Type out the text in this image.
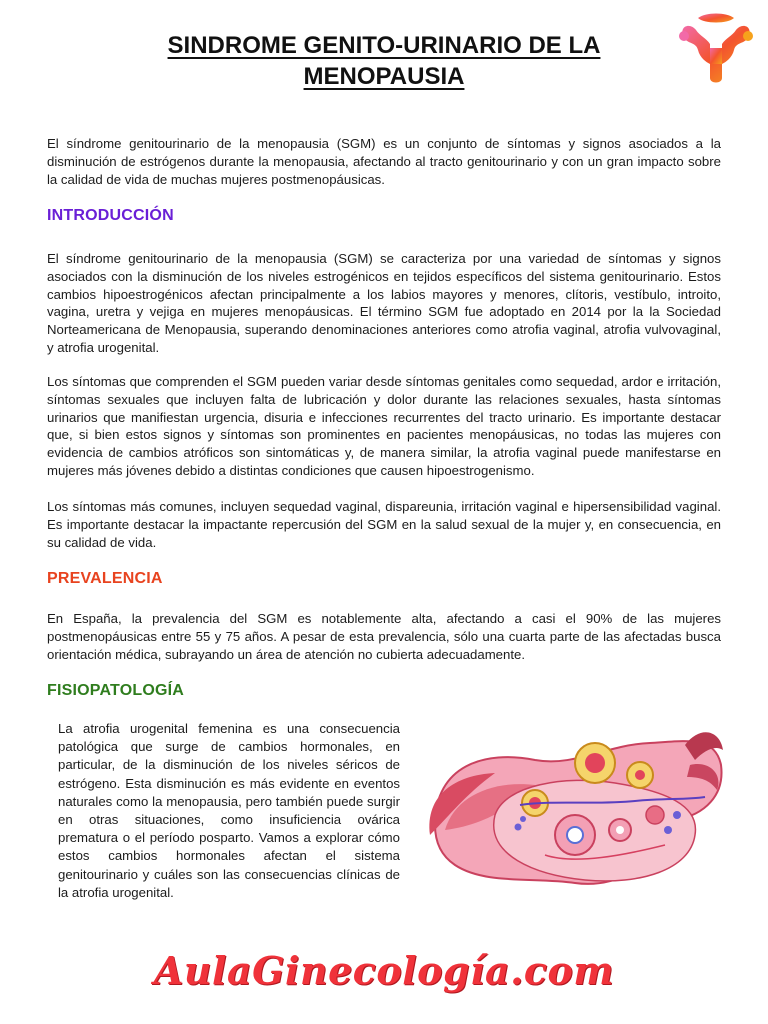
SINDROME GENITO-URINARIO DE LA MENOPAUSIA

El síndrome genitourinario de la menopausia (SGM) es un conjunto de síntomas y signos asociados a la disminución de estrógenos durante la menopausia, afectando al tracto genitourinario y con un gran impacto sobre la calidad de vida de muchas mujeres postmenopáusicas.

INTRODUCCIÓN

El síndrome genitourinario de la menopausia (SGM) se caracteriza por una variedad de síntomas y signos asociados con la disminución de los niveles estrogénicos en tejidos específicos del sistema genitourinario. Estos cambios hipoestrogénicos afectan principalmente a los labios mayores y menores, clítoris, vestíbulo, introito, vagina, uretra y vejiga en mujeres menopáusicas. El término SGM fue adoptado en 2014 por la la Sociedad Norteamericana de Menopausia, superando denominaciones anteriores como atrofia vaginal, atrofia vulvovaginal, y atrofia urogenital.

Los síntomas que comprenden el SGM pueden variar desde síntomas genitales como sequedad, ardor e irritación, síntomas sexuales que incluyen falta de lubricación y dolor durante las relaciones sexuales, hasta síntomas urinarios que manifiestan urgencia, disuria e infecciones recurrentes del tracto urinario. Es importante destacar que, si bien estos signos y síntomas son prominentes en pacientes menopáusicas, no todas las mujeres con evidencia de cambios atróficos son sintomáticas y, de manera similar, la atrofia vaginal puede manifestarse en mujeres más jóvenes debido a distintas condiciones que causen hipoestrogenismo.

Los síntomas más comunes, incluyen sequedad vaginal, dispareunia, irritación vaginal e hipersensibilidad vaginal. Es importante destacar la impactante repercusión del SGM en la salud sexual de la mujer y, en consecuencia, en su calidad de vida.

PREVALENCIA

En España, la prevalencia del SGM es notablemente alta, afectando a casi el 90% de las mujeres postmenopáusicas entre 55 y 75 años. A pesar de esta prevalencia, sólo una cuarta parte de las afectadas busca orientación médica, subrayando un área de atención no cubierta adecuadamente.

FISIOPATOLOGÍA

La atrofia urogenital femenina es una consecuencia patológica que surge de cambios hormonales, en particular, de la disminución de los niveles séricos de estrógeno. Esta disminución es más evidente en eventos naturales como la menopausia, pero también puede surgir en otras situaciones, como insuficiencia ovárica prematura o el período posparto. Vamos a explorar cómo estos cambios hormonales afectan el sistema genitourinario y cuáles son las consecuencias clínicas de la atrofia urogenital.

AulaGinecología.com
